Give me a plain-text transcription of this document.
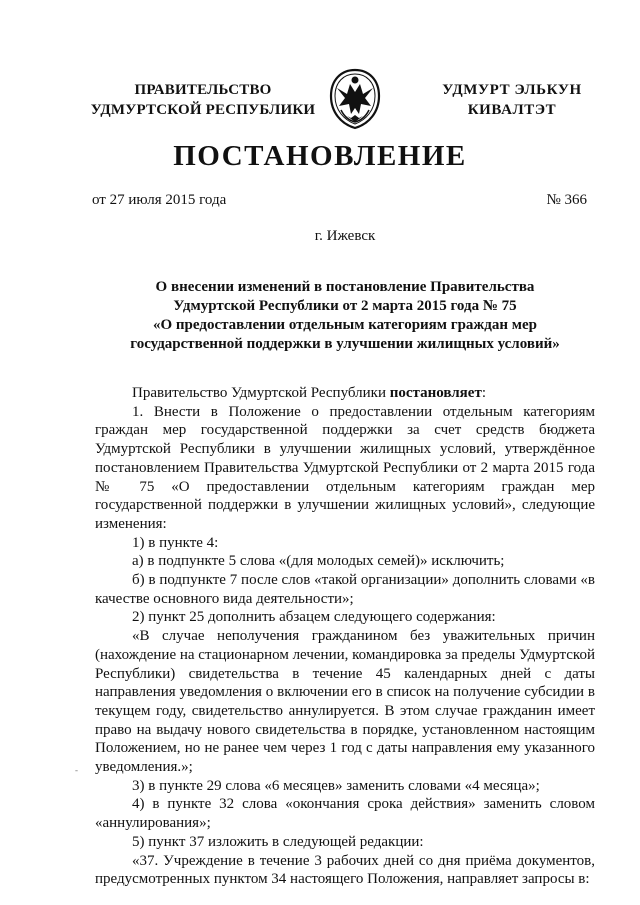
ПРАВИТЕЛЬСТВО
УДМУРТСКОЙ РЕСПУБЛИКИ
УДМУРТ ЭЛЬКУН
КИВАЛТЭТ
ПОСТАНОВЛЕНИЕ
от 27 июля 2015 года	№ 366
г. Ижевск
О внесении изменений в постановление Правительства
Удмуртской Республики от 2 марта 2015 года № 75
«О предоставлении отдельным категориям граждан мер
государственной поддержки в улучшении жилищных условий»

Правительство Удмуртской Республики постановляет:

1. Внести в Положение о предоставлении отдельным категориям граждан мер государственной поддержки за счет средств бюджета Удмуртской Республики в улучшении жилищных условий, утверждённое постановлением Правительства Удмуртской Республики от 2 марта 2015 года № 75 «О предоставлении отдельным категориям граждан мер государственной поддержки в улучшении жилищных условий», следующие изменения:

1) в пункте 4:

а) в подпункте 5 слова «(для молодых семей)» исключить;

б) в подпункте 7 после слов «такой организации» дополнить словами «в качестве основного вида деятельности»;

2) пункт 25 дополнить абзацем следующего содержания:

«В случае неполучения гражданином без уважительных причин (нахождение на стационарном лечении, командировка за пределы Удмуртской Республики) свидетельства в течение 45 календарных дней с даты направления уведомления о включении его в список на получение субсидии в текущем году, свидетельство аннулируется. В этом случае гражданин имеет право на выдачу нового свидетельства в порядке, установленном настоящим Положением, но не ранее чем через 1 год с даты направления ему указанного уведомления.»;

3) в пункте 29 слова «6 месяцев» заменить словами «4 месяца»;

4) в пункте 32 слова «окончания срока действия» заменить словом «аннулирования»;

5) пункт 37 изложить в следующей редакции:

«37. Учреждение в течение 3 рабочих дней со дня приёма документов, предусмотренных пунктом 34 настоящего Положения, направляет запросы в:

-
